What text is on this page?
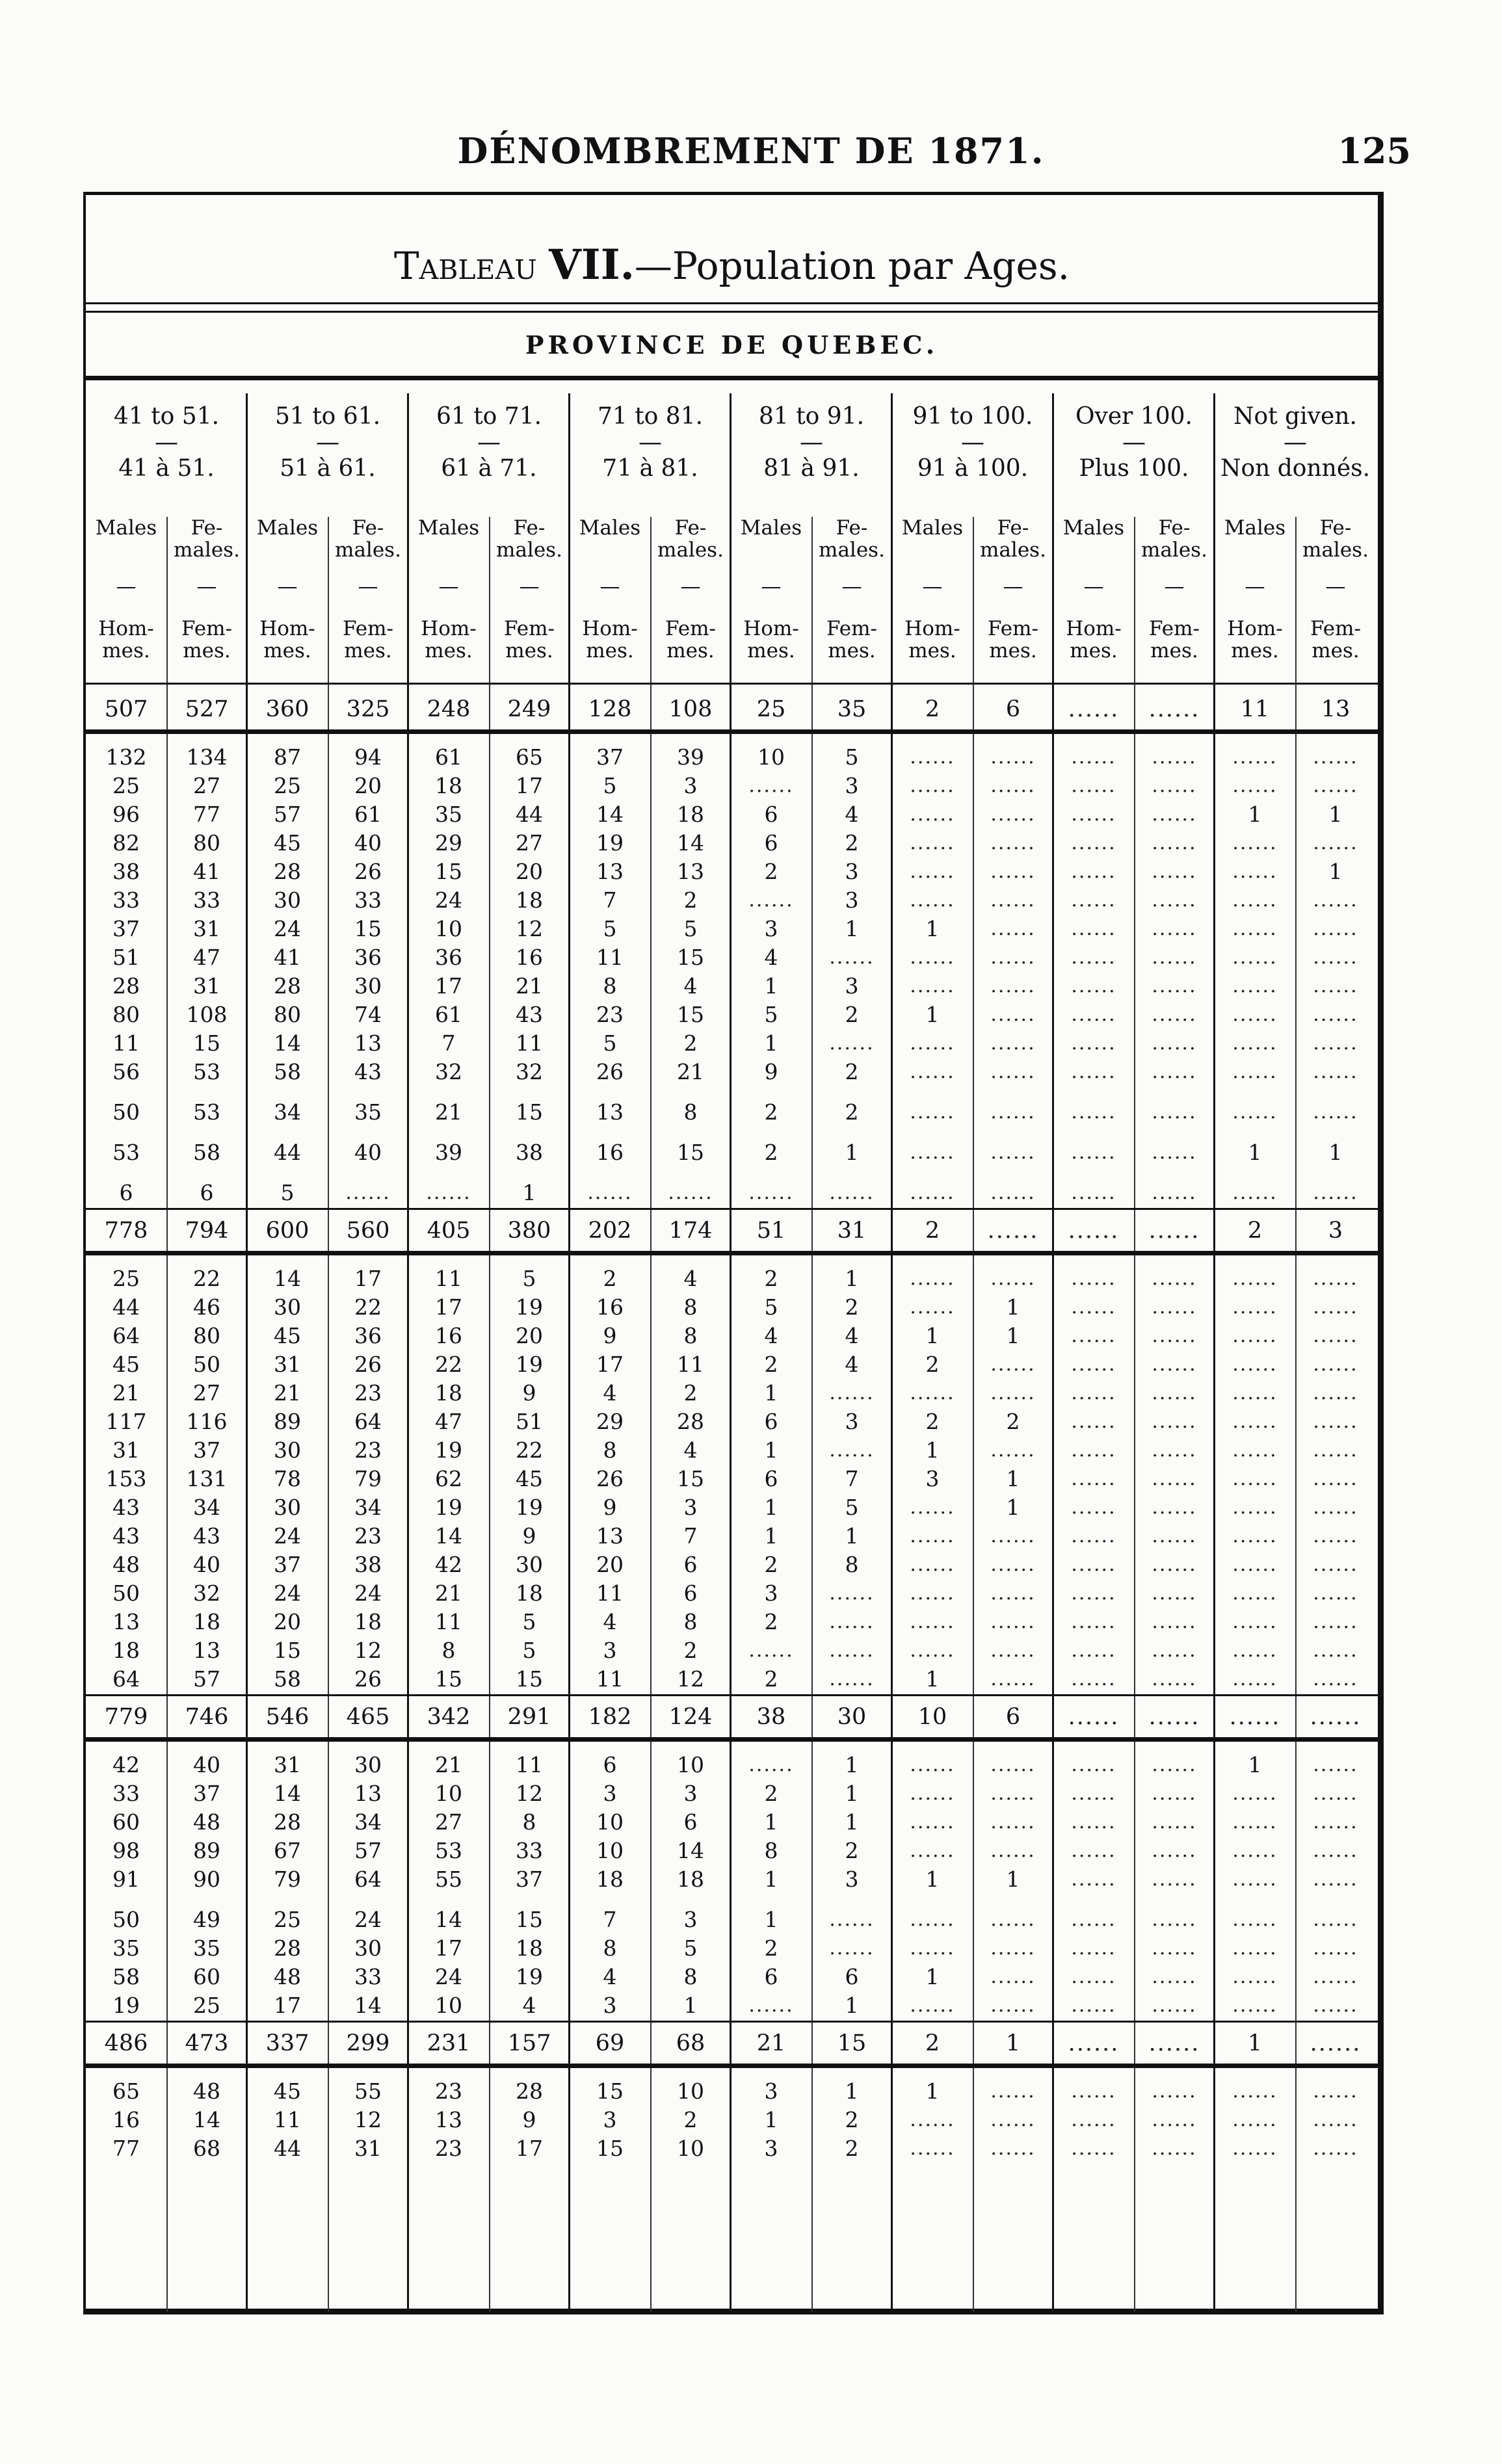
DÉNOMBREMENT DE 1871.	125
Tableau VII.—Population par Ages.
PROVINCE DE QUEBEC.
41 to 51.
—
41 à 51.
Males	Fe-males.
Hom-mes.
Fem-mes.
—	—
51 to 61.
—
51 à 61.
Males	Fe-males.
Hom-mes.
Fem-mes.
—	—
61 to 71.
—
61 à 71.
Males	Fe-males.
Hom-mes.
Fem-mes.
—	—
71 to 81.
—
71 à 81.
Males	Fe-males.
Hom-mes.
Fem-mes.
—	—
81 to 91.
—
81 à 91.
Males	Fe-males.
Hom-mes.
Fem-mes.
—	—
91 to 100.
—
91 à 100.
Males	Fe-males.
Hom-mes.
Fem-mes.
—	—
Over 100.
—
Plus 100.
Males	Fe-males.
Hom-mes.
Fem-mes.
—	—
Not given.
—
Non donnés.
Males	Fe-males.
Hom-mes.
Fem-mes.
—	—
507	527	360	325	248	249	128	108	25	35	2	6	......	......	11	13
132	134	87	94	61	65	37	39	10	5	......	......	......	......	......	......
25	27	25	20	18	17	5	3	......	3	......	......	......	......	......	......
96	77	57	61	35	44	14	18	6	4	......	......	......	......	1	1
82	80	45	40	29	27	19	14	6	2	......	......	......	......	......	......
38	41	28	26	15	20	13	13	2	3	......	......	......	......	......	1
33	33	30	33	24	18	7	2	......	3	......	......	......	......	......	......
37	31	24	15	10	12	5	5	3	1	1	......	......	......	......	......
51	47	41	36	36	16	11	15	4	......	......	......	......	......	......	......
28	31	28	30	17	21	8	4	1	3	......	......	......	......	......	......
80	108	80	74	61	43	23	15	5	2	1	......	......	......	......	......
11	15	14	13	7	11	5	2	1	......	......	......	......	......	......	......
56	53	58	43	32	32	26	21	9	2	......	......	......	......	......	......
50	53	34	35	21	15	13	8	2	2	......	......	......	......	......	......
53	58	44	40	39	38	16	15	2	1	......	......	......	......	1	1
6	6	5	......	......	1	......	......	......	......	......	......	......	......	......	......
778	794	600	560	405	380	202	174	51	31	2	......	......	......	2	3
25	22	14	17	11	5	2	4	2	1	......	......	......	......	......	......
44	46	30	22	17	19	16	8	5	2	......	1	......	......	......	......
64	80	45	36	16	20	9	8	4	4	1	1	......	......	......	......
45	50	31	26	22	19	17	11	2	4	2	......	......	......	......	......
21	27	21	23	18	9	4	2	1	......	......	......	......	......	......	......
117	116	89	64	47	51	29	28	6	3	2	2	......	......	......	......
31	37	30	23	19	22	8	4	1	......	1	......	......	......	......	......
153	131	78	79	62	45	26	15	6	7	3	1	......	......	......	......
43	34	30	34	19	19	9	3	1	5	......	1	......	......	......	......
43	43	24	23	14	9	13	7	1	1	......	......	......	......	......	......
48	40	37	38	42	30	20	6	2	8	......	......	......	......	......	......
50	32	24	24	21	18	11	6	3	......	......	......	......	......	......	......
13	18	20	18	11	5	4	8	2	......	......	......	......	......	......	......
18	13	15	12	8	5	3	2	......	......	......	......	......	......	......	......
64	57	58	26	15	15	11	12	2	......	1	......	......	......	......	......
779	746	546	465	342	291	182	124	38	30	10	6	......	......	......	......
42	40	31	30	21	11	6	10	......	1	......	......	......	......	1	......
33	37	14	13	10	12	3	3	2	1	......	......	......	......	......	......
60	48	28	34	27	8	10	6	1	1	......	......	......	......	......	......
98	89	67	57	53	33	10	14	8	2	......	......	......	......	......	......
91	90	79	64	55	37	18	18	1	3	1	1	......	......	......	......
50	49	25	24	14	15	7	3	1	......	......	......	......	......	......	......
35	35	28	30	17	18	8	5	2	......	......	......	......	......	......	......
58	60	48	33	24	19	4	8	6	6	1	......	......	......	......	......
19	25	17	14	10	4	3	1	......	1	......	......	......	......	......	......
486	473	337	299	231	157	69	68	21	15	2	1	......	......	1	......
65	48	45	55	23	28	15	10	3	1	1	......	......	......	......	......
16	14	11	12	13	9	3	2	1	2	......	......	......	......	......	......
77	68	44	31	23	17	15	10	3	2	......	......	......	......	......	......
